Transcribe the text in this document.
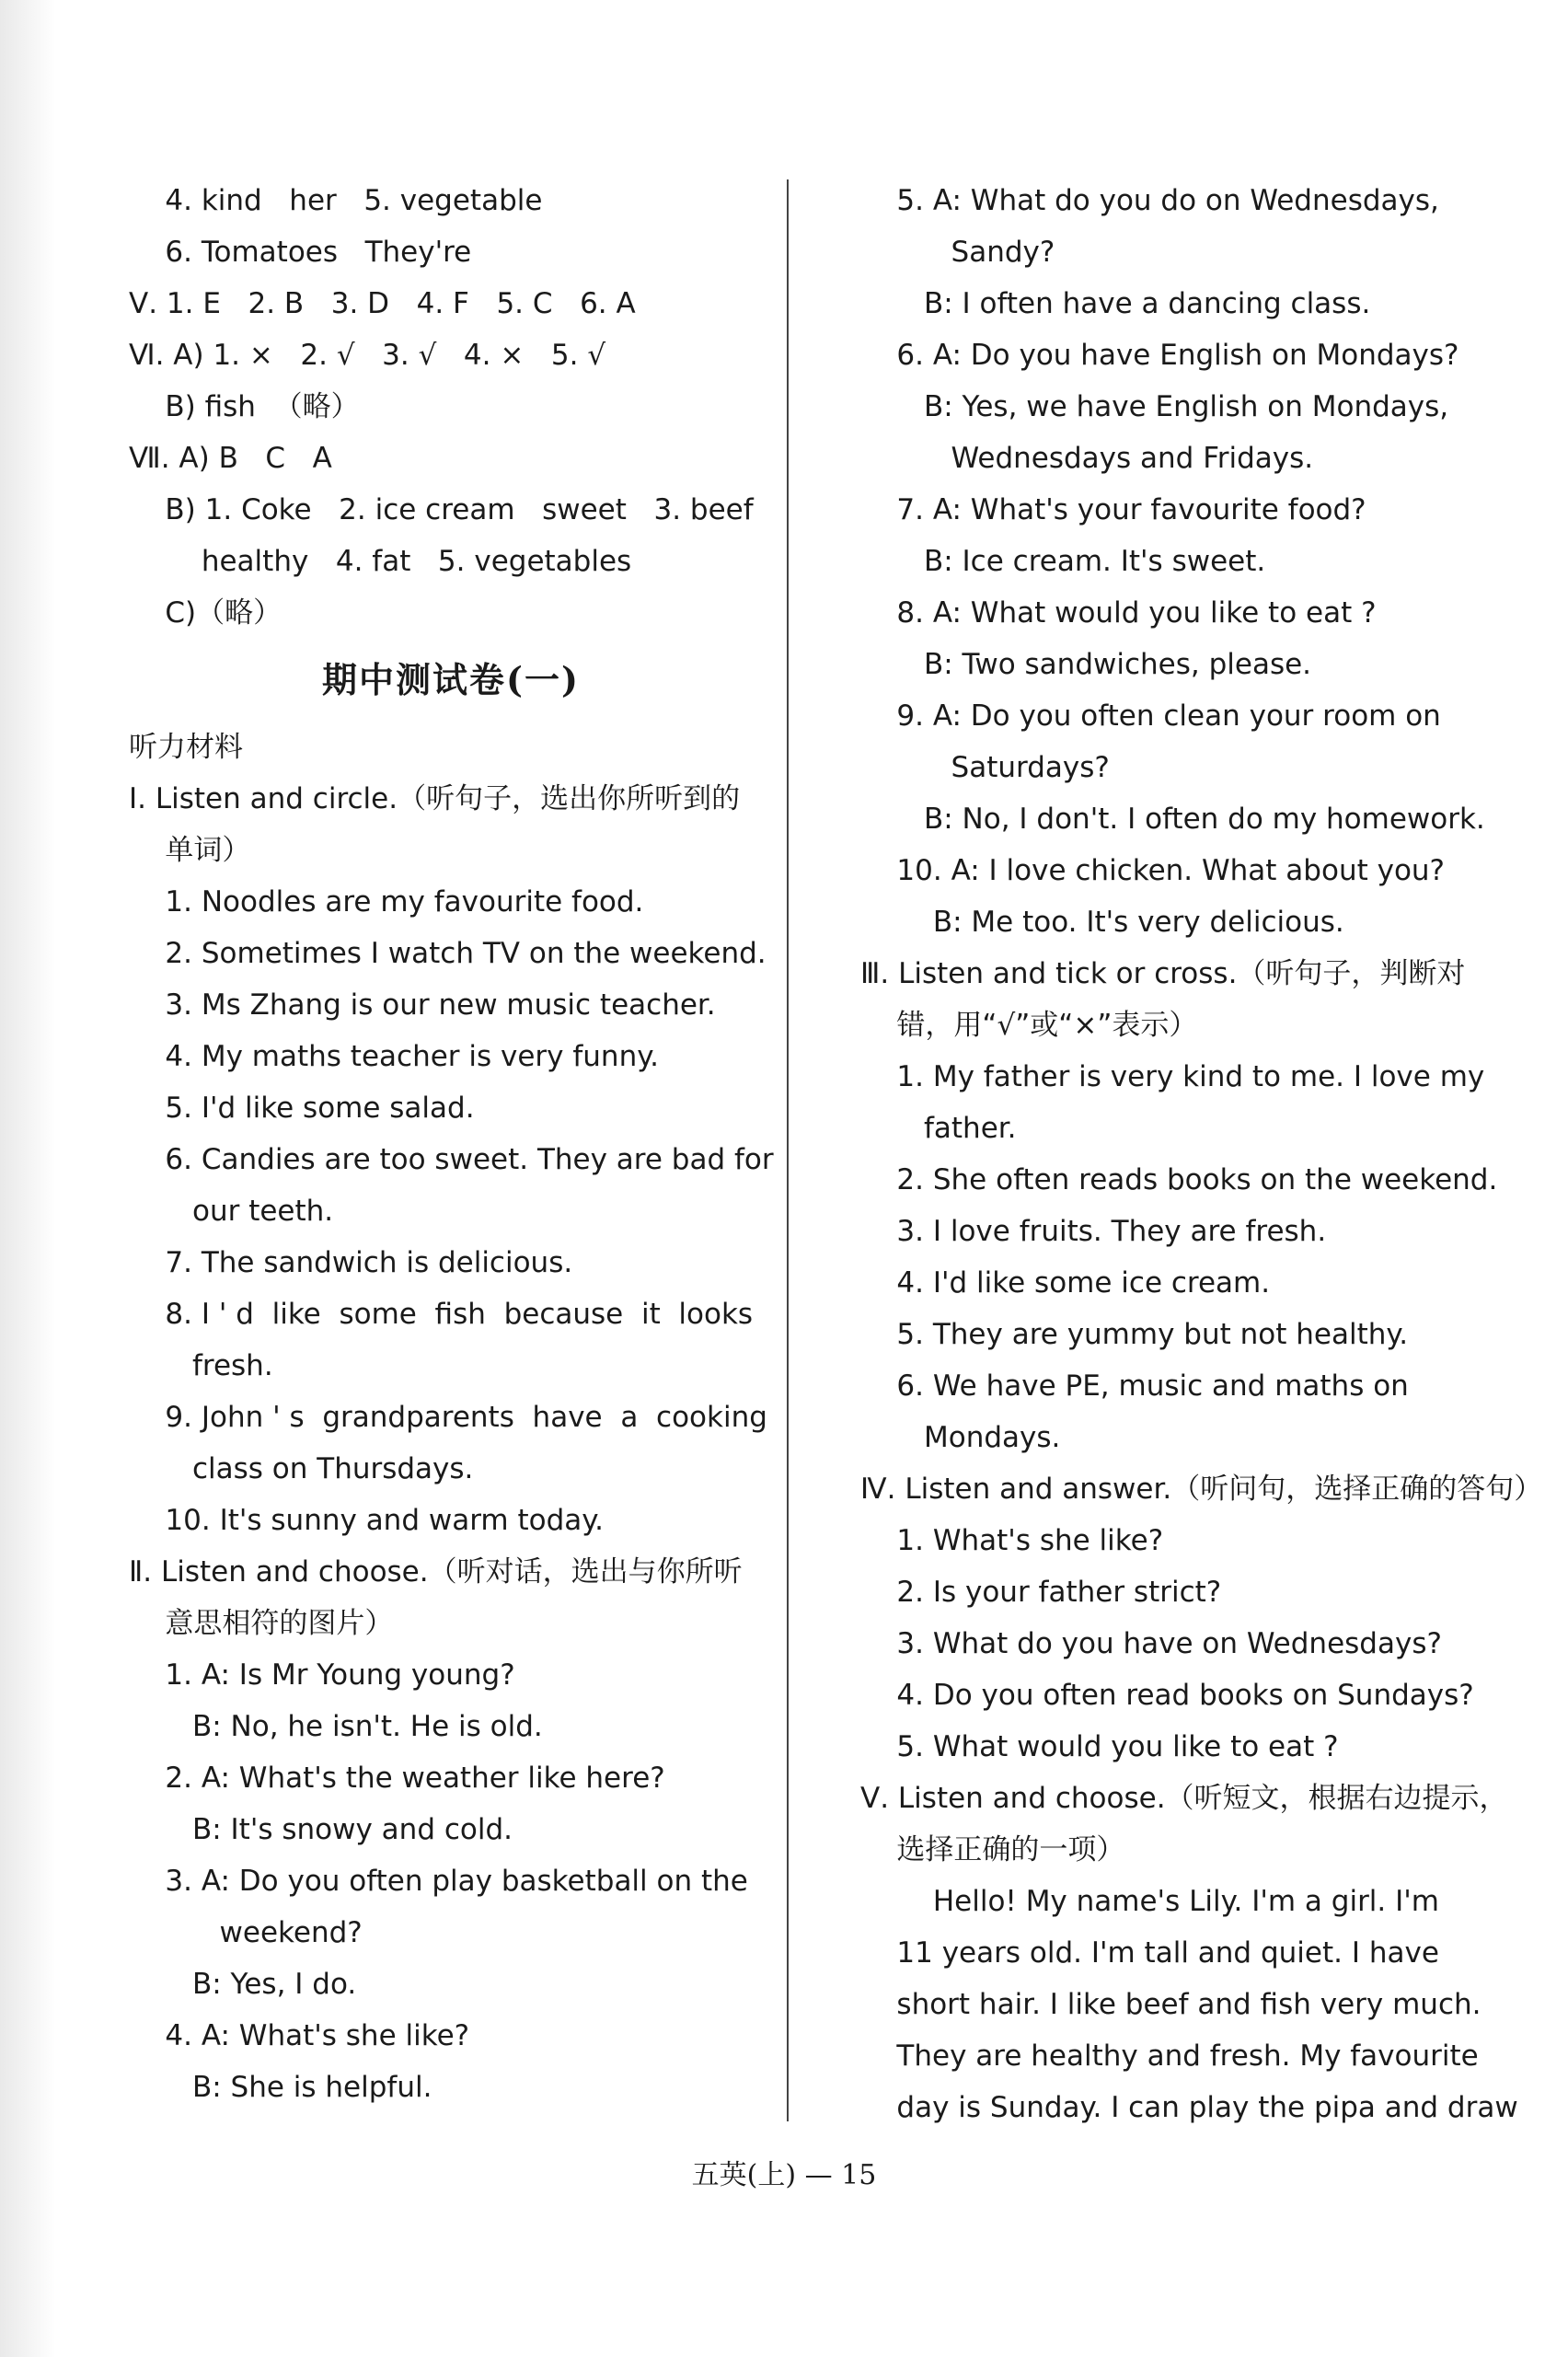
4. kind   her   5. vegetable
6. Tomatoes   They're
Ⅴ. 1. E   2. B   3. D   4. F   5. C   6. A
Ⅵ. A) 1. ×   2. √   3. √   4. ×   5. √
B) fish  （略）
Ⅶ. A) B   C   A
B) 1. Coke   2. ice cream   sweet   3. beef
healthy   4. fat   5. vegetables
C)（略）
期中测试卷(一)
听力材料
Ⅰ. Listen and circle.（听句子，选出你所听到的
单词）
1. Noodles are my favourite food.
2. Sometimes I watch TV on the weekend.
3. Ms Zhang is our new music teacher.
4. My maths teacher is very funny.
5. I'd like some salad.
6. Candies are too sweet. They are bad for
our teeth.
7. The sandwich is delicious.
8. I ' d  like  some  fish  because  it  looks
fresh.
9. John ' s  grandparents  have  a  cooking
class on Thursdays.
10. It's sunny and warm today.
Ⅱ. Listen and choose.（听对话，选出与你所听
意思相符的图片）
1. A: Is Mr Young young?
B: No, he isn't. He is old.
2. A: What's the weather like here?
B: It's snowy and cold.
3. A: Do you often play basketball on the
weekend?
B: Yes, I do.
4. A: What's she like?
B: She is helpful.
5. A: What do you do on Wednesdays,
Sandy?
B: I often have a dancing class.
6. A: Do you have English on Mondays?
B: Yes, we have English on Mondays,
Wednesdays and Fridays.
7. A: What's your favourite food?
B: Ice cream. It's sweet.
8. A: What would you like to eat ?
B: Two sandwiches, please.
9. A: Do you often clean your room on
Saturdays?
B: No, I don't. I often do my homework.
10. A: I love chicken. What about you?
B: Me too. It's very delicious.
Ⅲ. Listen and tick or cross.（听句子，判断对
错，用“√”或“×”表示）
1. My father is very kind to me. I love my
father.
2. She often reads books on the weekend.
3. I love fruits. They are fresh.
4. I'd like some ice cream.
5. They are yummy but not healthy.
6. We have PE, music and maths on
Mondays.
Ⅳ. Listen and answer.（听问句，选择正确的答句）
1. What's she like?
2. Is your father strict?
3. What do you have on Wednesdays?
4. Do you often read books on Sundays?
5. What would you like to eat ?
Ⅴ. Listen and choose.（听短文，根据右边提示，
选择正确的一项）
Hello! My name's Lily. I'm a girl. I'm
11 years old. I'm tall and quiet. I have
short hair. I like beef and fish very much.
They are healthy and fresh. My favourite
day is Sunday. I can play the pipa and draw
五英(上) — 15
